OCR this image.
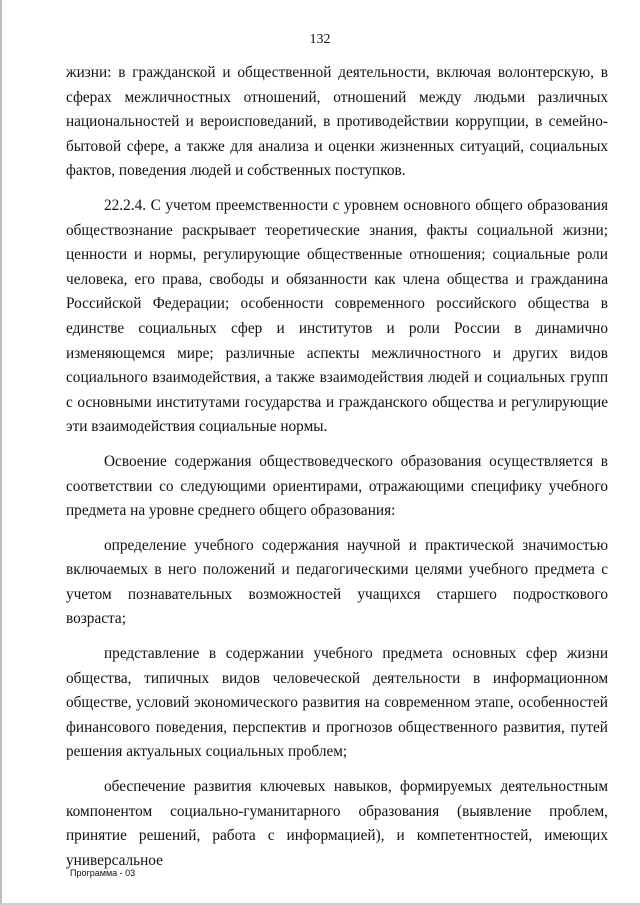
132

жизни: в гражданской и общественной деятельности, включая волонтерскую, в сферах межличностных отношений, отношений между людьми различных национальностей и вероисповеданий, в противодействии коррупции, в семейно-бытовой сфере, а также для анализа и оценки жизненных ситуаций, социальных фактов, поведения людей и собственных поступков.

22.2.4. С учетом преемственности с уровнем основного общего образования обществознание раскрывает теоретические знания, факты социальной жизни; ценности и нормы, регулирующие общественные отношения; социальные роли человека, его права, свободы и обязанности как члена общества и гражданина Российской Федерации; особенности современного российского общества в единстве социальных сфер и институтов и роли России в динамично изменяющемся мире; различные аспекты межличностного и других видов социального взаимодействия, а также взаимодействия людей и социальных групп с основными институтами государства и гражданского общества и регулирующие эти взаимодействия социальные нормы.

Освоение содержания обществоведческого образования осуществляется в соответствии со следующими ориентирами, отражающими специфику учебного предмета на уровне среднего общего образования:

определение учебного содержания научной и практической значимостью включаемых в него положений и педагогическими целями учебного предмета с учетом познавательных возможностей учащихся старшего подросткового возраста;

представление в содержании учебного предмета основных сфер жизни общества, типичных видов человеческой деятельности в информационном обществе, условий экономического развития на современном этапе, особенностей финансового поведения, перспектив и прогнозов общественного развития, путей решения актуальных социальных проблем;

обеспечение развития ключевых навыков, формируемых деятельностным компонентом социально-гуманитарного образования (выявление проблем, принятие решений, работа с информацией), и компетентностей, имеющих универсальное

Программа - 03
